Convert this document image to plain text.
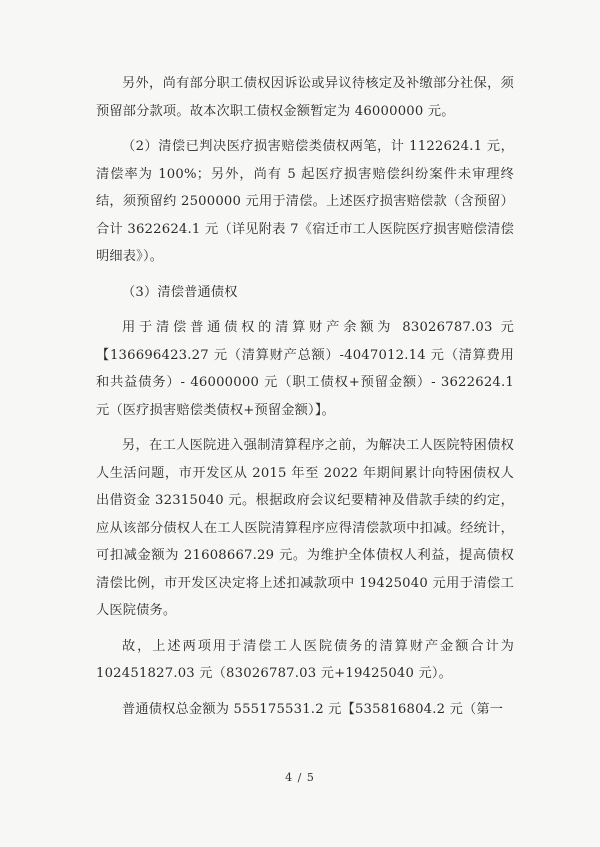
另外，尚有部分职工债权因诉讼或异议待核定及补缴部分社保，须预留部分款项。故本次职工债权金额暂定为 46000000 元。

（2）清偿已判决医疗损害赔偿类债权两笔，计 1122624.1 元，清偿率为 100%；另外，尚有 5 起医疗损害赔偿纠纷案件未审理终结，须预留约 2500000 元用于清偿。上述医疗损害赔偿款（含预留）合计 3622624.1 元（详见附表 7《宿迁市工人医院医疗损害赔偿清偿明细表》）。

（3）清偿普通债权

用于清偿普通债权的清算财产余额为 83026787.03 元【136696423.27 元（清算财产总额）-4047012.14 元（清算费用和共益债务）- 46000000 元（职工债权+预留金额）- 3622624.1 元（医疗损害赔偿类债权+预留金额）】。

另，在工人医院进入强制清算程序之前，为解决工人医院特困债权人生活问题，市开发区从 2015 年至 2022 年期间累计向特困债权人出借资金 32315040 元。根据政府会议纪要精神及借款手续的约定，应从该部分债权人在工人医院清算程序应得清偿款项中扣减。经统计，可扣减金额为 21608667.29 元。为维护全体债权人利益，提高债权清偿比例，市开发区决定将上述扣减款项中 19425040 元用于清偿工人医院债务。

故，上述两项用于清偿工人医院债务的清算财产金额合计为 102451827.03 元（83026787.03 元+19425040 元）。

普通债权总金额为 555175531.2 元【535816804.2 元（第一

4 / 5
